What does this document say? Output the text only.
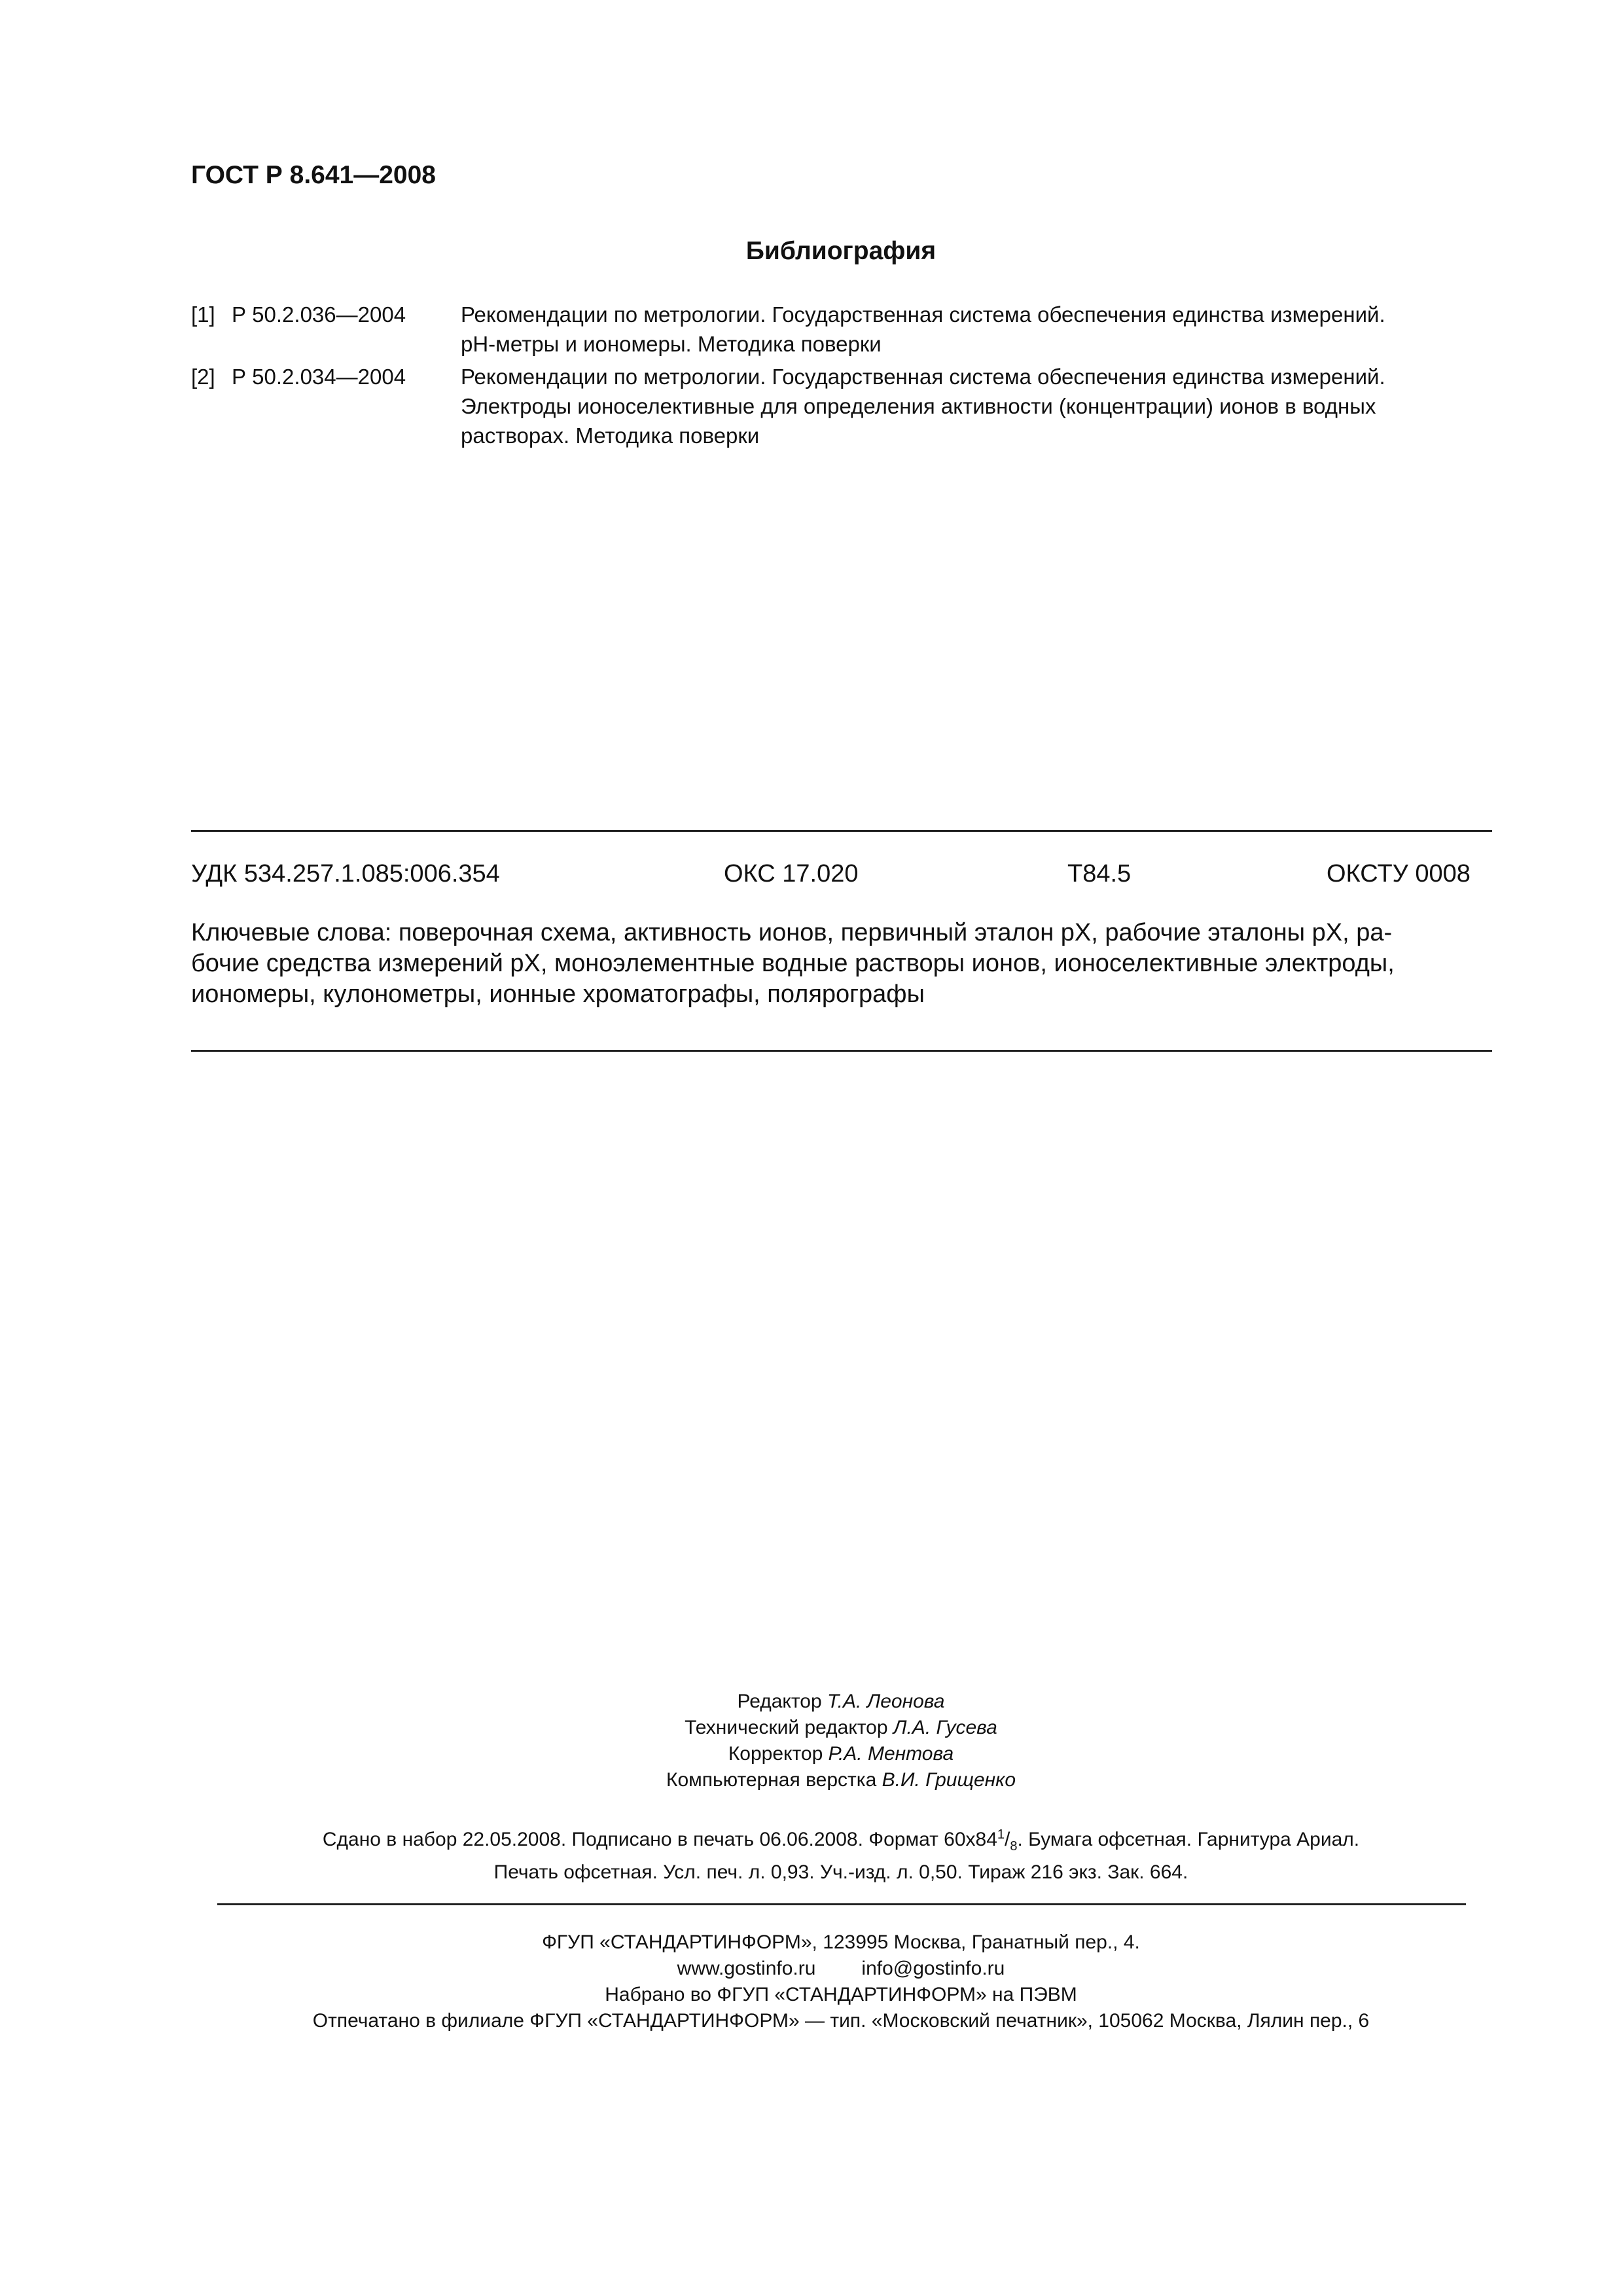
ГОСТ Р 8.641—2008
Библиография
[1] Р 50.2.036—2004	Рекомендации по метрологии. Государственная система обеспечения единства измерений.
pH-метры и иономеры. Методика поверки
[2] Р 50.2.034—2004	Рекомендации по метрологии. Государственная система обеспечения единства измерений.
Электроды ионоселективные для определения активности (концентрации) ионов в водных
растворах. Методика поверки
УДК 534.257.1.085:006.354	ОКС 17.020	Т84.5	ОКСТУ 0008
Ключевые слова: поверочная схема, активность ионов, первичный эталон pX, рабочие эталоны pX, ра-
бочие средства измерений pX, моноэлементные водные растворы ионов, ионоселективные электроды,
иономеры, кулонометры, ионные хроматографы, полярографы
Редактор Т.А. Леонова
Технический редактор Л.А. Гусева
Корректор Р.А. Ментова
Компьютерная верстка В.И. Грищенко
Сдано в набор 22.05.2008. Подписано в печать 06.06.2008. Формат $60x84^1/_8$. Бумага офсетная. Гарнитура Ариал.
Печать офсетная. Усл. печ. л. 0,93. Уч.-изд. л. 0,50. Тираж 216 экз. Зак. 664.
ФГУП «СТАНДАРТИНФОРМ», 123995 Москва, Гранатный пер., 4.
www.gostinfo.ru info@gostinfo.ru
Набрано во ФГУП «СТАНДАРТИНФОРМ» на ПЭВМ
Отпечатано в филиале ФГУП «СТАНДАРТИНФОРМ» — тип. «Московский печатник», 105062 Москва, Лялин пер., 6
